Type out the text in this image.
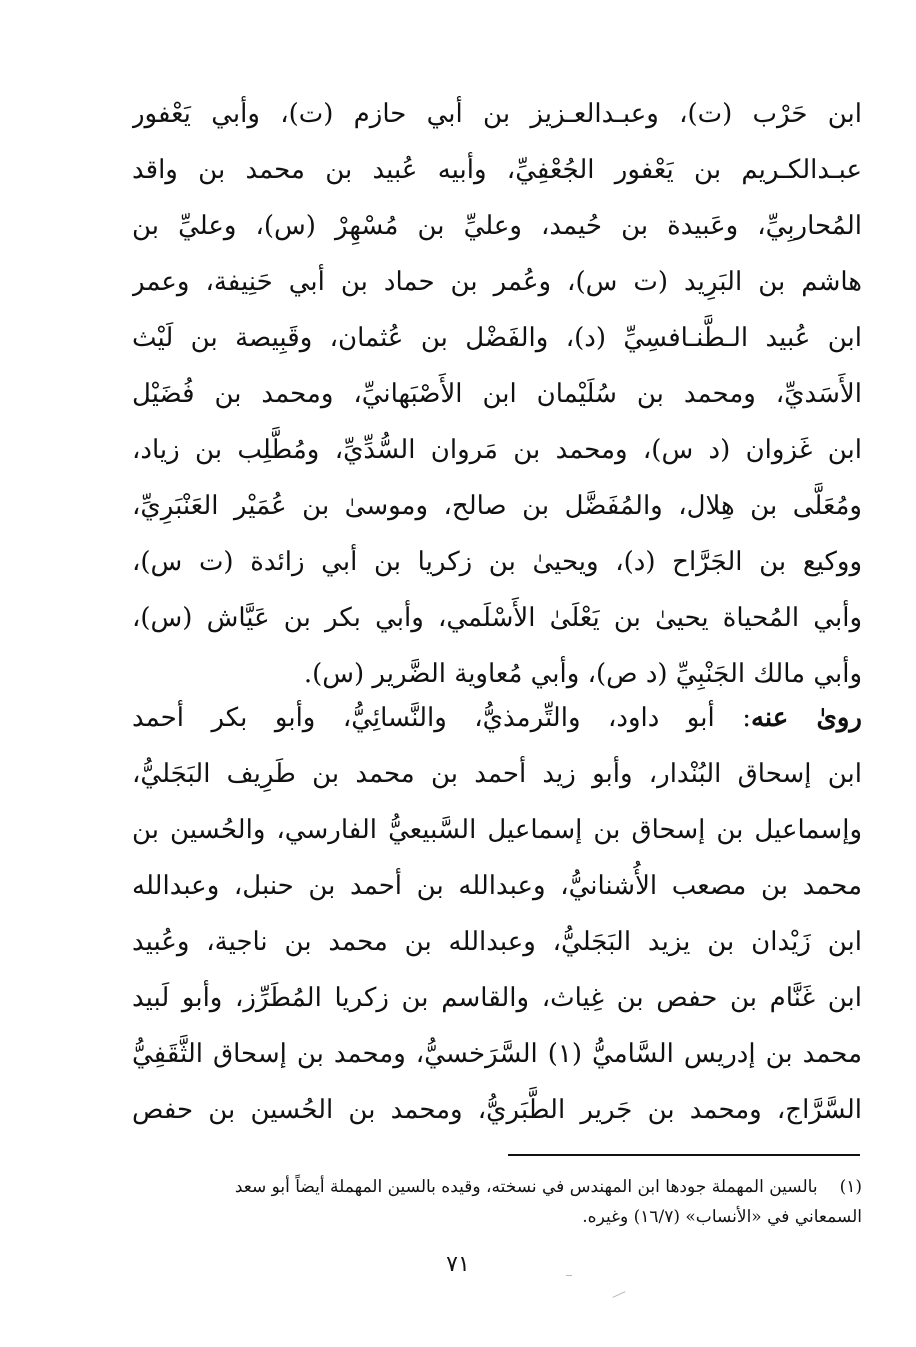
ابن حَرْب (ت)، وعبـدالعـزيز بن أبي حازم (ت)، وأبي يَعْفور
عبـدالكـريم بن يَعْفور الجُعْفِيِّ، وأبيه عُبيد بن محمد بن واقد
المُحاربِيِّ، وعَبيدة بن حُيمد، وعليِّ بن مُسْهِرْ (س)، وعليِّ بن
هاشم بن البَرِيد (ت س)، وعُمر بن حماد بن أبي حَنِيفة، وعمر
ابن عُبيد الـطَّنـافسِيِّ (د)، والفَضْل بن عُثمان، وقَبِيصة بن لَيْث
الأَسَديِّ، ومحمد بن سُلَيْمان ابن الأَصْبَهانيِّ، ومحمد بن فُضَيْل
ابن غَزوان (د س)، ومحمد بن مَروان السُّدِّيِّ، ومُطَّلِب بن زياد،
ومُعَلَّى بن هِلال، والمُفَضَّل بن صالح، وموسىٰ بن عُمَيْر العَنْبَرِيِّ،
ووكيع بن الجَرَّاح (د)، ويحيىٰ بن زكريا بن أبي زائدة (ت س)،
وأبي المُحياة يحيىٰ بن يَعْلَىٰ الأَسْلَمي، وأبي بكر بن عَيَّاش (س)،
وأبي مالك الجَنْبِيِّ (د ص)، وأبي مُعاوية الضَّرير (س).
رویٰ عنه: أبو داود، والتِّرمذيُّ، والنَّسائِيُّ، وأبو بكر أحمد
ابن إسحاق البُنْدار، وأبو زيد أحمد بن محمد بن طَرِيف البَجَليُّ،
وإسماعيل بن إسحاق بن إسماعيل السَّبيعيُّ الفارسي، والحُسين بن
محمد بن مصعب الأُشنانيُّ، وعبدالله بن أحمد بن حنبل، وعبدالله
ابن زَيْدان بن يزيد البَجَليُّ، وعبدالله بن محمد بن ناجية، وعُبيد
ابن غَنَّام بن حفص بن غِياث، والقاسم بن زكريا المُطَرِّز، وأبو لَبيد
محمد بن إدريس السَّاميُّ (١) السَّرَخسيُّ، ومحمد بن إسحاق الثَّقَفِيُّ
السَّرَّاج، ومحمد بن جَرير الطَّبَريُّ، ومحمد بن الحُسين بن حفص
(١)بالسين المهملة جودها ابن المهندس في نسخته، وقيده بالسين المهملة أيضاً أبو سعد
السمعاني في «الأنساب» (١٦/٧) وغيره.
٧١
